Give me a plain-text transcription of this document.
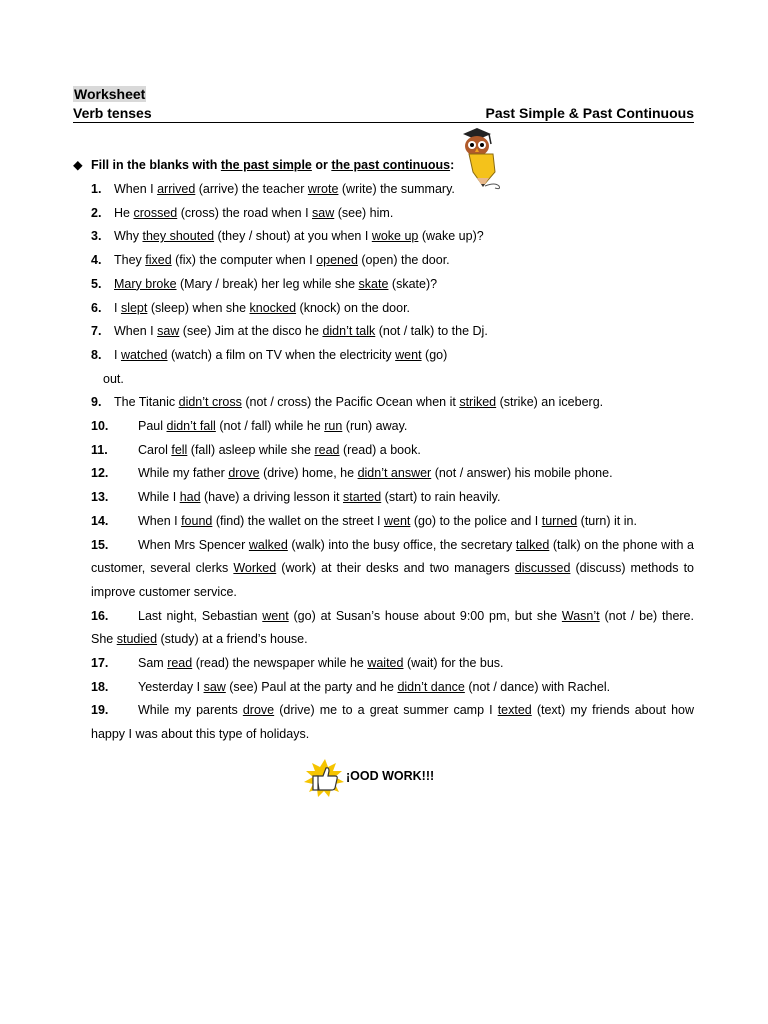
Worksheet
Verb tenses	Past Simple & Past Continuous
◆ Fill in the blanks with the past simple or the past continuous:
1. When I arrived (arrive) the teacher wrote (write) the summary.
2. He crossed (cross) the road when I saw (see) him.
3. Why they shouted (they / shout) at you when I woke up (wake up)?
4. They fixed (fix) the computer when I opened (open) the door.
5. Mary broke (Mary / break) her leg while she skate (skate)?
6. I slept (sleep) when she knocked (knock) on the door.
7. When I saw (see) Jim at the disco he didn’t talk (not / talk) to the Dj.
8. I watched (watch) a film on TV when the electricity went (go)
out.
9. The Titanic didn’t cross (not / cross) the Pacific Ocean when it striked (strike) an iceberg.
10. Paul didn’t fall (not / fall) while he run (run) away.
11. Carol fell (fall) asleep while she read (read) a book.
12. While my father drove (drive) home, he didn’t answer (not / answer) his mobile phone.
13. While I had (have) a driving lesson it started (start) to rain heavily.
14. When I found (find) the wallet on the street I went (go) to the police and I turned (turn) it in.
15. When Mrs Spencer walked (walk) into the busy office, the secretary talked (talk) on the phone with a customer, several clerks Worked (work) at their desks and two managers discussed (discuss) methods to improve customer service.
16. Last night, Sebastian went (go) at Susan’s house about 9:00 pm, but she Wasn’t (not / be) there. She studied (study) at a friend’s house.
17. Sam read (read) the newspaper while he waited (wait) for the bus.
18. Yesterday I saw (see) Paul at the party and he didn’t dance (not / dance) with Rachel.
19. While my parents drove (drive) me to a great summer camp I texted (text) my friends about how happy I was about this type of holidays.
¡OOD WORK!!!
